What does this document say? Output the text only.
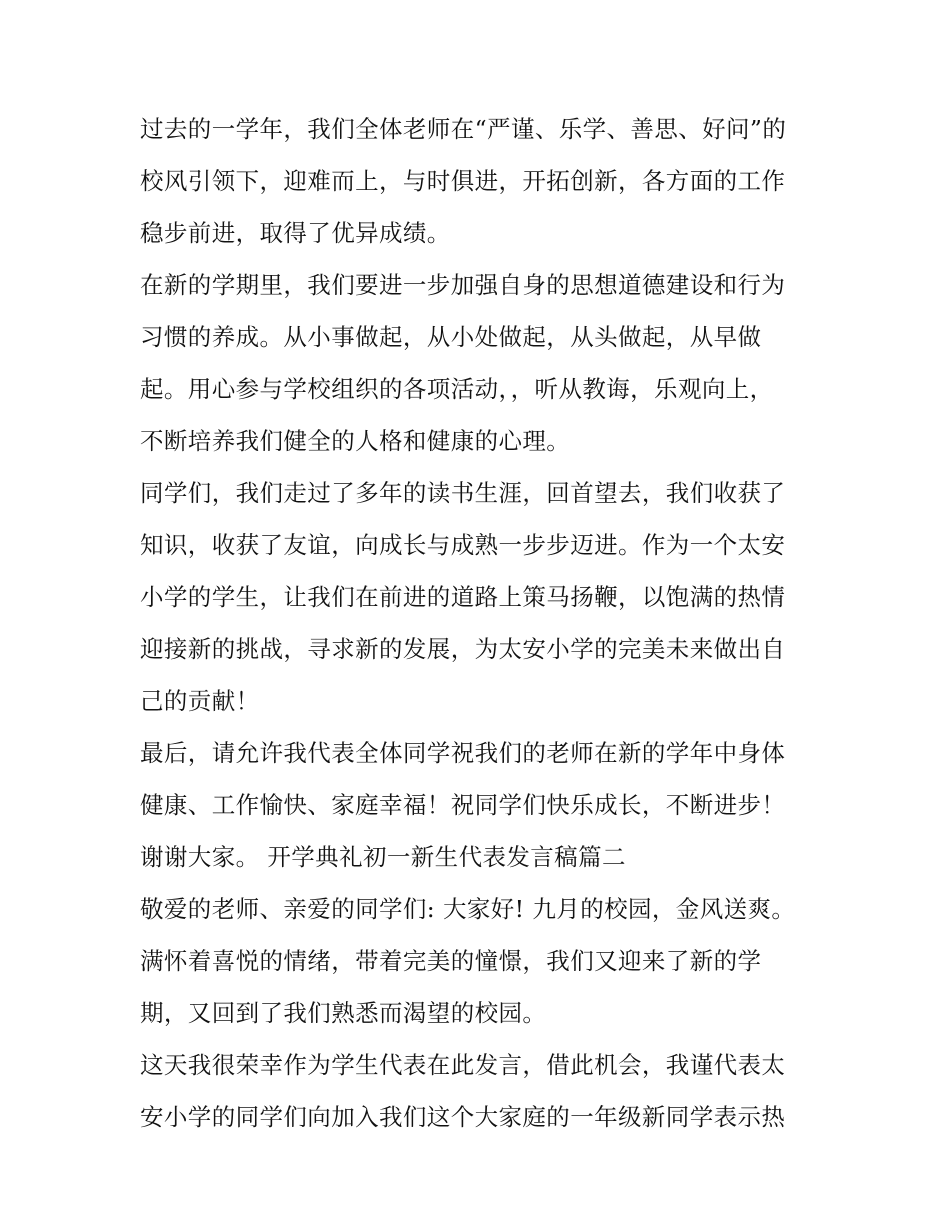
过去的一学年，我们全体老师在“严谨、乐学、善思、好问”的
校风引领下，迎难而上，与时俱进，开拓创新，各方面的工作
稳步前进，取得了优异成绩。
在新的学期里，我们要进一步加强自身的思想道德建设和行为
习惯的养成。从小事做起，从小处做起，从头做起，从早做
起。用心参与学校组织的各项活动，，听从教诲，乐观向上，
不断培养我们健全的人格和健康的心理。
同学们，我们走过了多年的读书生涯，回首望去，我们收获了
知识，收获了友谊，向成长与成熟一步步迈进。作为一个太安
小学的学生，让我们在前进的道路上策马扬鞭，以饱满的热情
迎接新的挑战，寻求新的发展，为太安小学的完美未来做出自
己的贡献！
最后，请允许我代表全体同学祝我们的老师在新的学年中身体
健康、工作愉快、家庭幸福！祝同学们快乐成长，不断进步！
谢谢大家。 开学典礼初一新生代表发言稿篇二
敬爱的老师、亲爱的同学们: 大家好! 九月的校园，金风送爽。
满怀着喜悦的情绪，带着完美的憧憬，我们又迎来了新的学
期，又回到了我们熟悉而渴望的校园。
这天我很荣幸作为学生代表在此发言，借此机会，我谨代表太
安小学的同学们向加入我们这个大家庭的一年级新同学表示热
